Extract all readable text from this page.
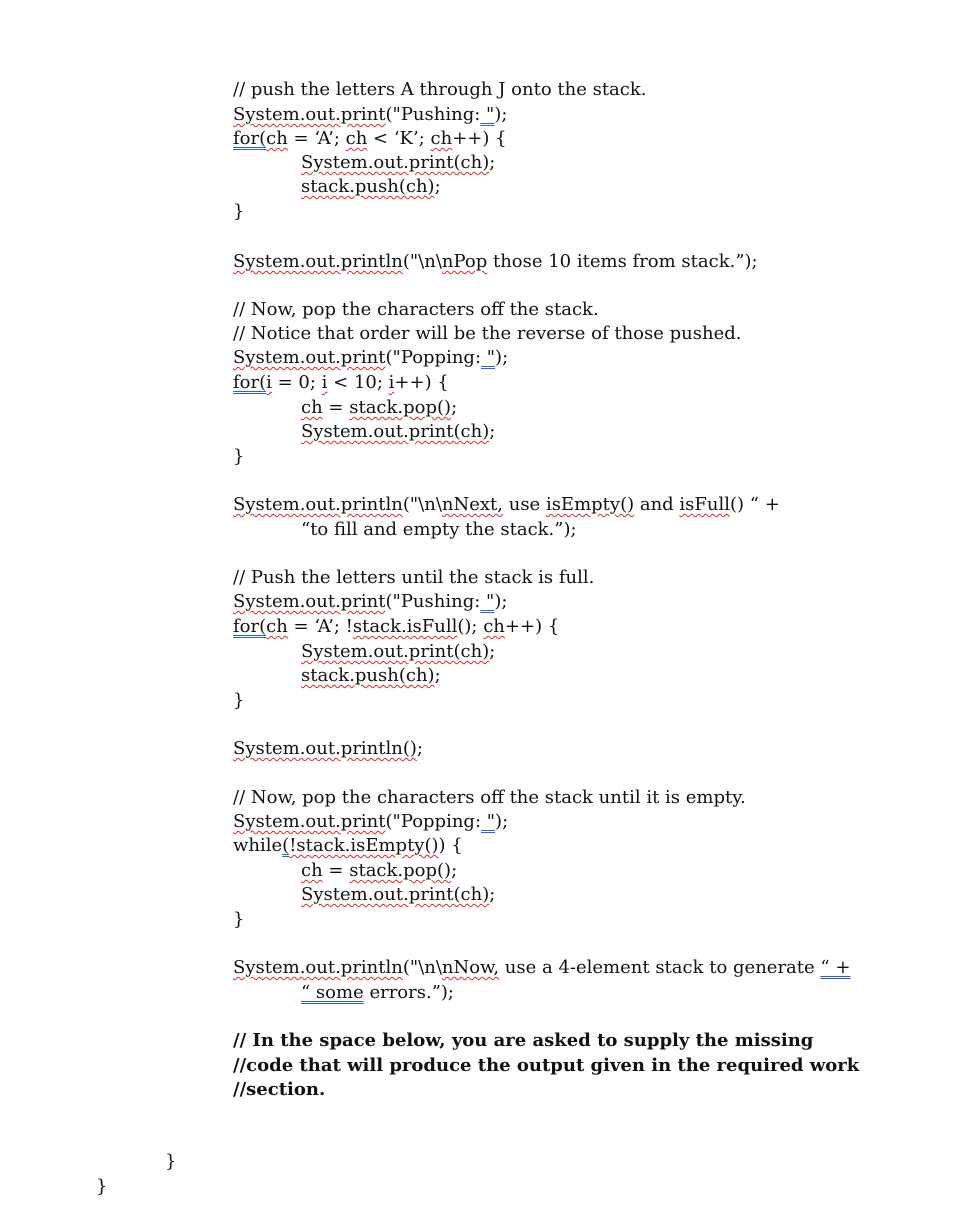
// push the letters A through J onto the stack.
System.out.print("Pushing: ");
for(ch = ‘A’; ch < ‘K’; ch++) {
System.out.print(ch);
stack.push(ch);
}
System.out.println("\n\nPop those 10 items from stack.”);
// Now, pop the characters off the stack.
// Notice that order will be the reverse of those pushed.
System.out.print("Popping: ");
for(i = 0; i < 10; i++) {
ch = stack.pop();
System.out.print(ch);
}
System.out.println("\n\nNext, use isEmpty() and isFull() “ +
“to fill and empty the stack.”);
// Push the letters until the stack is full.
System.out.print("Pushing: ");
for(ch = ‘A’; !stack.isFull(); ch++) {
System.out.print(ch);
stack.push(ch);
}
System.out.println();
// Now, pop the characters off the stack until it is empty.
System.out.print("Popping: ");
while(!stack.isEmpty()) {
ch = stack.pop();
System.out.print(ch);
}
System.out.println("\n\nNow, use a 4-element stack to generate “ +
“ some errors.”);
// In the space below, you are asked to supply the missing
//code that will produce the output given in the required work
//section.
}
}
